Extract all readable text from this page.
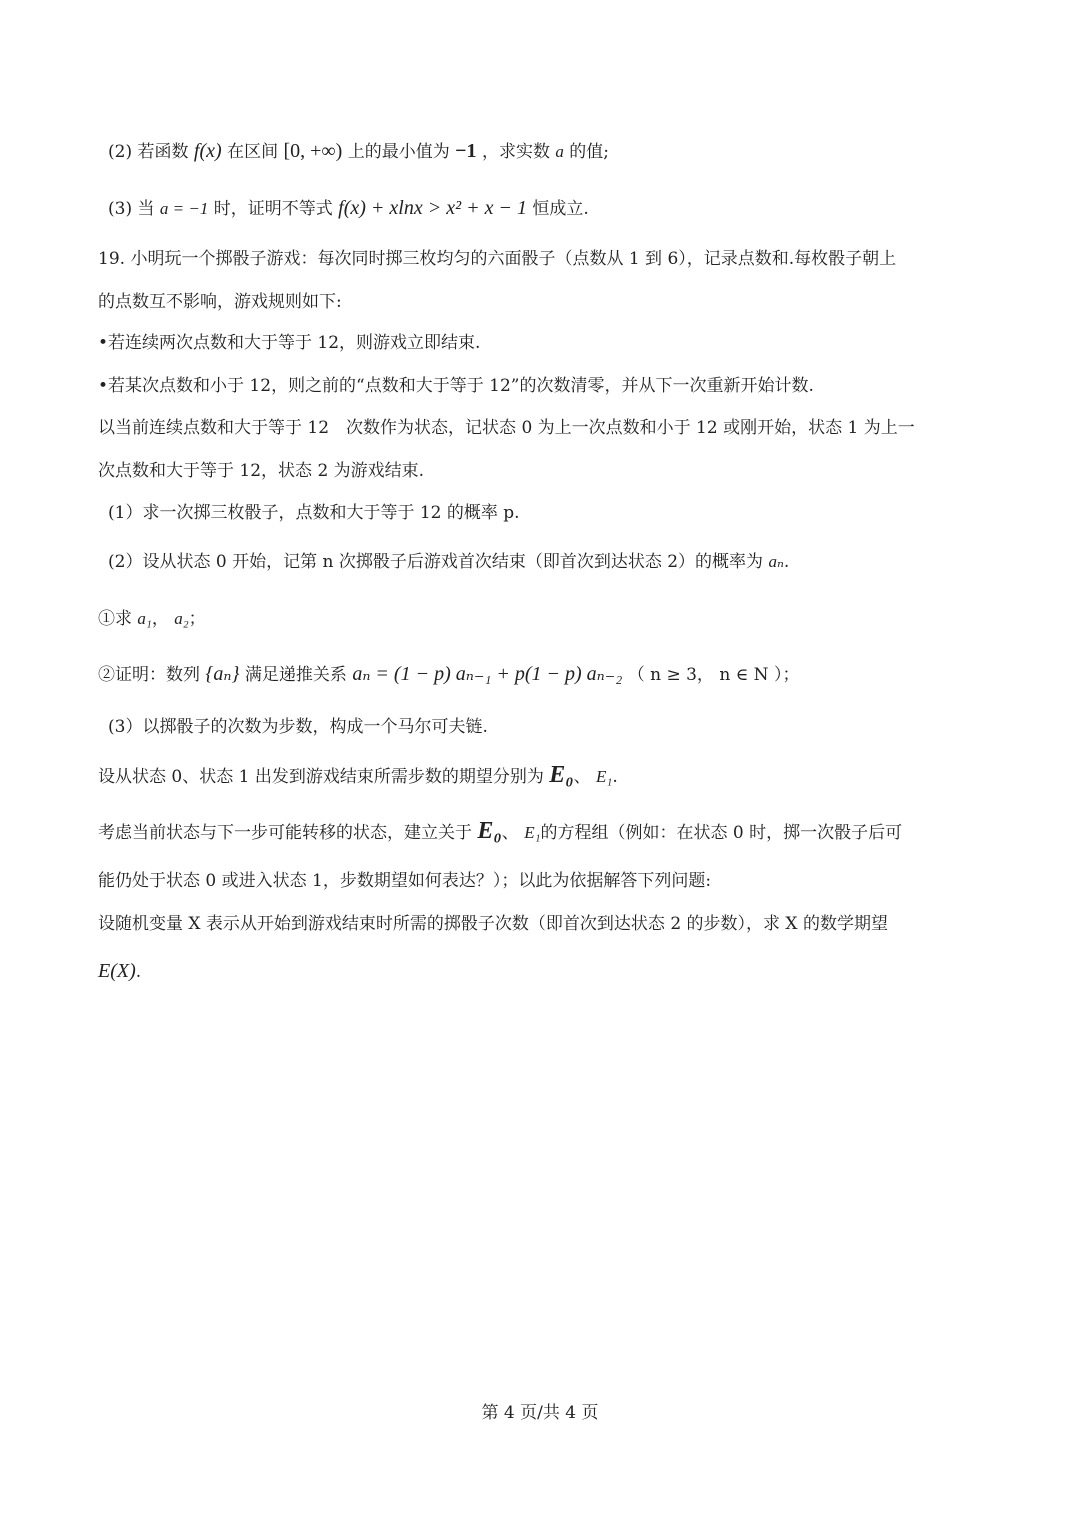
(2) 若函数 f(x) 在区间 [0, +∞) 上的最小值为 −1 ，求实数 a 的值;
(3) 当 a = −1 时，证明不等式 f(x) + xlnx > x² + x − 1 恒成立.
19. 小明玩一个掷骰子游戏：每次同时掷三枚均匀的六面骰子（点数从 1 到 6），记录点数和.每枚骰子朝上
的点数互不影响，游戏规则如下:
•若连续两次点数和大于等于 12，则游戏立即结束.
•若某次点数和小于 12，则之前的“点数和大于等于 12”的次数清零，并从下一次重新开始计数.
以当前连续点数和大于等于 12　次数作为状态，记状态 0 为上一次点数和小于 12 或刚开始，状态 1 为上一
次点数和大于等于 12，状态 2 为游戏结束.
(1）求一次掷三枚骰子，点数和大于等于 12 的概率 p.
(2）设从状态 0 开始，记第 n 次掷骰子后游戏首次结束（即首次到达状态 2）的概率为 aₙ.
①求 a₁， a₂；
②证明：数列 {aₙ} 满足递推关系 aₙ = (1 − p) aₙ₋₁ + p(1 − p) aₙ₋₂ （ n ≥ 3， n ∈ N ）；
(3）以掷骰子的次数为步数，构成一个马尔可夫链.
设从状态 0、状态 1 出发到游戏结束所需步数的期望分别为 E₀、 E₁.
考虑当前状态与下一步可能转移的状态，建立关于 E₀、 E₁的方程组（例如：在状态 0 时，掷一次骰子后可
能仍处于状态 0 或进入状态 1，步数期望如何表达？）；以此为依据解答下列问题:
设随机变量 X 表示从开始到游戏结束时所需的掷骰子次数（即首次到达状态 2 的步数），求 X 的数学期望
E(X).
第 4 页/共 4 页
